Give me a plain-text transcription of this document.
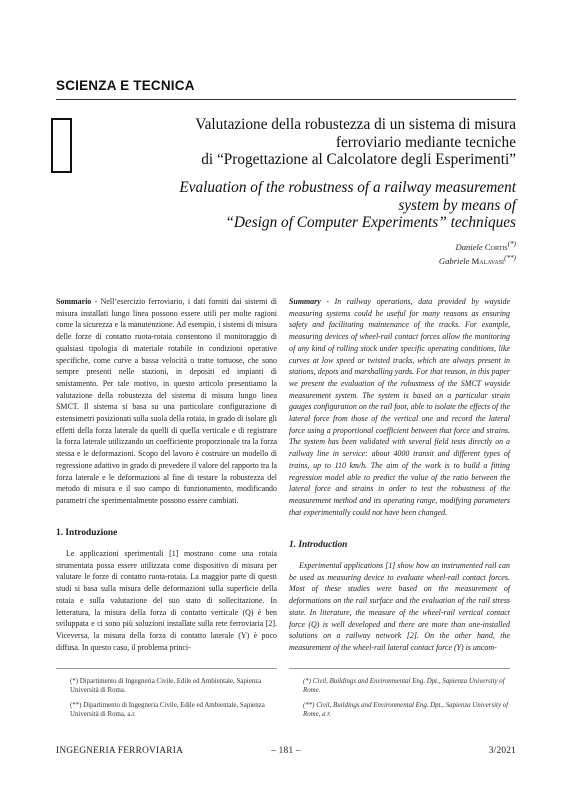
SCIENZA E TECNICA
Valutazione della robustezza di un sistema di misura
ferroviario mediante tecniche
di “Progettazione al Calcolatore degli Esperimenti”
Evaluation of the robustness of a railway measurement
system by means of
“Design of Computer Experiments” techniques
Daniele Cortis(*)
Gabriele Malavasi(**)

Sommario - Nell’esercizio ferroviario, i dati forniti dai sistemi di misura installati lungo linea possono essere utili per molte ragioni come la sicurezza e la manutenzione. Ad esempio, i sistemi di misura delle forze di contatto ruota-rotaia consentono il monitoraggio di qualsiasi tipologia di materiale rotabile in condizioni operative specifiche, come curve a bassa velocità o tratte tortuose, che sono sempre presenti nelle stazioni, in depositi ed impianti di smistamento. Per tale motivo, in questo articolo presentiamo la valutazione della robustezza del sistema di misura lungo linea SMCT. Il sistema si basa su una particolare configurazione di estensimetri posizionati sulla suola della rotaia, in grado di isolare gli effetti della forza laterale da quelli di quella verticale e di registrare la forza laterale utilizzando un coefficiente proporzionale tra la forza stessa e le deformazioni. Scopo del lavoro è costruire un modello di regressione adattivo in grado di prevedere il valore del rapporto tra la forza laterale e le deformazioni al fine di testare la robustezza del metodo di misura e il suo campo di funzionamento, modificando parametri che sperimentalmente possono essere cambiati.

Summary - In railway operations, data provided by wayside measuring systems could be useful for many reasons as ensuring safety and facilitating maintenance of the tracks. For example, measuring devices of wheel-rail contact forces allow the monitoring of any kind of rolling stock under specific operating conditions, like curves at low speed or twisted tracks, which are always present in stations, depots and marshalling yards. For that reason, in this paper we present the evaluation of the robustness of the SMCT wayside measurement system. The system is based on a particular strain gauges configuration on the rail foot, able to isolate the effects of the lateral force from those of the vertical one and record the lateral force using a proportional coefficient between that force and strains. The system has been validated with several field tests directly on a railway line in service: about 4000 transit and different types of trains, up to 110 km/h. The aim of the work is to build a fitting regression model able to predict the value of the ratio between the lateral force and strains in order to test the robustness of the measurement method and its operating range, modifying parameters that experimentally could not have been changed.

1. Introduzione
1. Introduction

Le applicazioni sperimentali [1] mostrano come una rotaia strumentata possa essere utilizzata come dispositivo di misura per valutare le forze di contatto ruota-rotaia. La maggior parte di questi studi si basa sulla misura delle deformazioni sulla superficie della rotaia e sulla valutazione del suo stato di sollecitazione. In letteratura, la misura della forza di contatto verticale (Q) è ben sviluppata e ci sono più soluzioni installate sulla rete ferroviaria [2]. Viceversa, la misura della forza di contatto laterale (Y) è poco diffusa. In questo caso, il problema princi-

Experimental applications [1] show how an instrumented rail can be used as measuring device to evaluate wheel-rail contact forces. Most of these studies were based on the measurement of deformations on the rail surface and the evaluation of the rail stress state. In literature, the measure of the wheel-rail vertical contact force (Q) is well developed and there are more than one-installed solutions on a railway network [2]. On the other hand, the measurement of the wheel-rail lateral contact force (Y) is uncom-

(*) Dipartimento di Ingegneria Civile, Edile ed Ambientale, Sapienza Università di Roma.

(**) Dipartimento di Ingegneria Civile, Edile ed Ambientale, Sapienza Università di Roma, a.r.

(*) Civil, Buildings and Environmental Eng. Dpt., Sapienza University of Rome.

(**) Civil, Buildings and Environmental Eng. Dpt., Sapienza University of Rome, a r.

INGEGNERIA FERROVIARIA	– 181 –	3/2021
